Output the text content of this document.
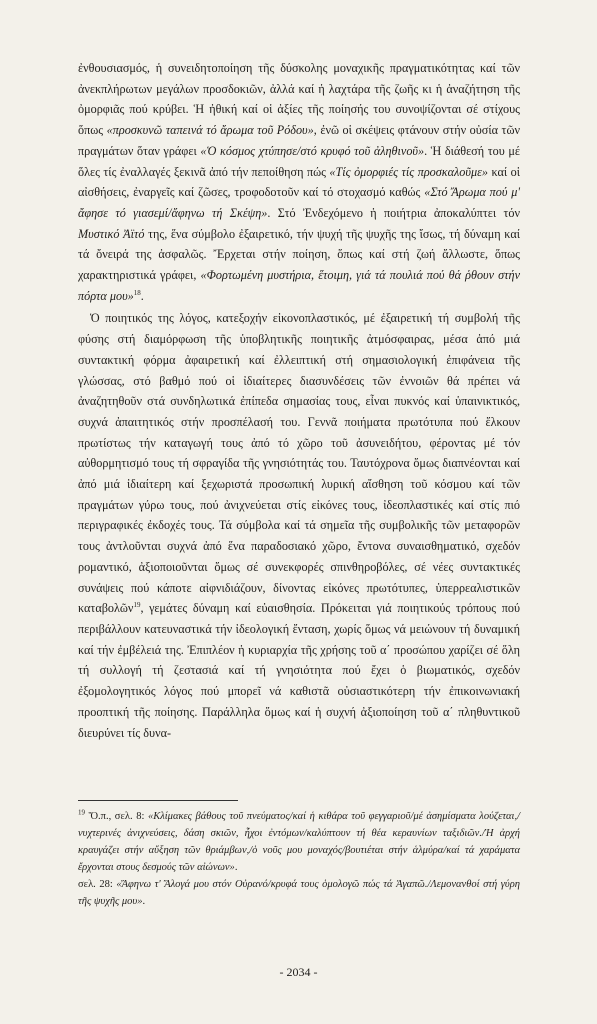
ἐνθουσιασμός, ἡ συνειδητοποίηση τῆς δύσκολης μοναχικῆς πραγματικότητας καί τῶν ἀνεκπλήρωτων μεγάλων προσδοκιῶν, ἀλλά καί ἡ λαχτάρα τῆς ζωῆς κι ἡ ἀναζήτηση τῆς ὀμορφιᾶς πού κρύβει. Ἡ ἠθική καί οἱ ἀξίες τῆς ποίησής του συνοψίζονται σέ στίχους ὅπως «προσκυνῶ ταπεινά τό ἄρωμα τοῦ Ρόδου», ἐνῶ οἱ σκέψεις φτάνουν στήν οὐσία τῶν πραγμάτων ὅταν γράφει «Ὁ κόσμος χτύπησε/στό κρυφό τοῦ ἀληθινοῦ». Ἡ διάθεσή του μέ ὅλες τίς ἐναλλαγές ξεκινᾶ ἀπό τήν πεποίθηση πώς «Τίς ὀμορφιές τίς προσκαλοῦμε» καί οἱ αἰσθήσεις, ἐναργεῖς καί ζῶσες, τροφοδοτοῦν καί τό στοχασμό καθώς «Στό Ἄρωμα πού μ' ἄφησε τό γιασεμί/ἄφηνω τή Σκέψη». Στό Ἐνδεχόμενο ἡ ποιήτρια ἀποκαλύπτει τόν Μυστικό Ἀϊτό της, ἕνα σύμβολο ἐξαιρετικό, τήν ψυχή τῆς ψυχῆς της ἴσως, τή δύναμη καί τά ὄνειρά της ἀσφαλῶς. Ἔρχεται στήν ποίηση, ὅπως καί στή ζωή ἄλλωστε, ὅπως χαρακτηριστικά γράφει, «Φορτωμένη μυστήρια, ἕτοιμη, γιά τά πουλιά πού θά ῥθουν στήν πόρτα μου»$^{18}$.

Ὁ ποιητικός της λόγος, κατεξοχήν εἰκονοπλαστικός, μέ ἐξαιρετική τή συμβολή τῆς φύσης στή διαμόρφωση τῆς ὑποβλητικῆς ποιητικῆς ἀτμόσφαιρας, μέσα ἀπό μιά συντακτική φόρμα ἀφαιρετική καί ἐλλειπτική στή σημασιολογική ἐπιφάνεια τῆς γλώσσας, στό βαθμό πού οἱ ἰδιαίτερες διασυνδέσεις τῶν ἐννοιῶν θά πρέπει νά ἀναζητηθοῦν στά συνδηλωτικά ἐπίπεδα σημασίας τους, εἶναι πυκνός καί ὑπαινικτικός, συχνά ἀπαιτητικός στήν προσπέλασή του. Γεννᾶ ποιήματα πρωτότυπα πού ἕλκουν πρωτίστως τήν καταγωγή τους ἀπό τό χῶρο τοῦ ἀσυνειδήτου, φέροντας μέ τόν αὐθορμητισμό τους τή σφραγίδα τῆς γνησιότητάς του. Ταυτόχρονα ὅμως διαπνέονται καί ἀπό μιά ἰδιαίτερη καί ξεχωριστά προσωπική λυρική αἴσθηση τοῦ κόσμου καί τῶν πραγμάτων γύρω τους, πού ἀνιχνεύεται στίς εἰκόνες τους, ἰδεοπλαστικές καί στίς πιό περιγραφικές ἐκδοχές τους. Τά σύμβολα καί τά σημεῖα τῆς συμβολικῆς τῶν μεταφορῶν τους ἀντλοῦνται συχνά ἀπό ἕνα παραδοσιακό χῶρο, ἔντονα συναισθηματικό, σχεδόν ρομαντικό, ἀξιοποιοῦνται ὅμως σέ συνεκφορές σπινθηροβόλες, σέ νέες συντακτικές συνάψεις πού κάποτε αἰφνιδιάζουν, δίνοντας εἰκόνες πρωτότυπες, ὑπερρεαλιστικῶν καταβολῶν$^{19}$, γεμάτες δύναμη καί εὐαισθησία. Πρόκειται γιά ποιητικούς τρόπους πού περιβάλλουν κατευναστικά τήν ἰδεολογική ἔνταση, χωρίς ὅμως νά μειώνουν τή δυναμική καί τήν ἐμβέλειά της. Ἐπιπλέον ἡ κυριαρχία τῆς χρήσης τοῦ α΄ προσώπου χαρίζει σέ ὅλη τή συλλογή τή ζεστασιά καί τή γνησιότητα πού ἔχει ὁ βιωματικός, σχεδόν ἐξομολογητικός λόγος πού μπορεῖ νά καθιστᾶ οὐσιαστικότερη τήν ἐπικοινωνιακή προοπτική τῆς ποίησης. Παράλληλα ὅμως καί ἡ συχνή ἀξιοποίηση τοῦ α΄ πληθυντικοῦ διευρύνει τίς δυνα-

$^{19}$ Ὅ.π., σελ. 8: «Κλίμακες βάθους τοῦ πνεύματος/καί ἡ κιθάρα τοῦ φεγγαριοῦ/μέ ἀσημίσματα λούζεται,/νυχτερινές ἀνιχνεύσεις, δάση σκιῶν, ἦχοι ἐντόμων/καλύπτουν τή θέα κεραυνίων ταξιδιῶν./Ἡ ἀρχή κραυγάζει στήν αὔξηση τῶν θριάμβων,/ὁ νοῦς μου μοναχός/βουτιέται στήν ἁλμύρα/καί τά χαράματα ἔρχονται στους δεσμούς τῶν αἰώνων».

σελ. 28: «Ἄφηνω τ' Ἄλογά μου στόν Οὐρανό/κρυφά τους ὁμολογῶ πώς τά Ἀγαπῶ./Λεμονανθοί στή γύρη τῆς ψυχῆς μου».

- 2034 -
